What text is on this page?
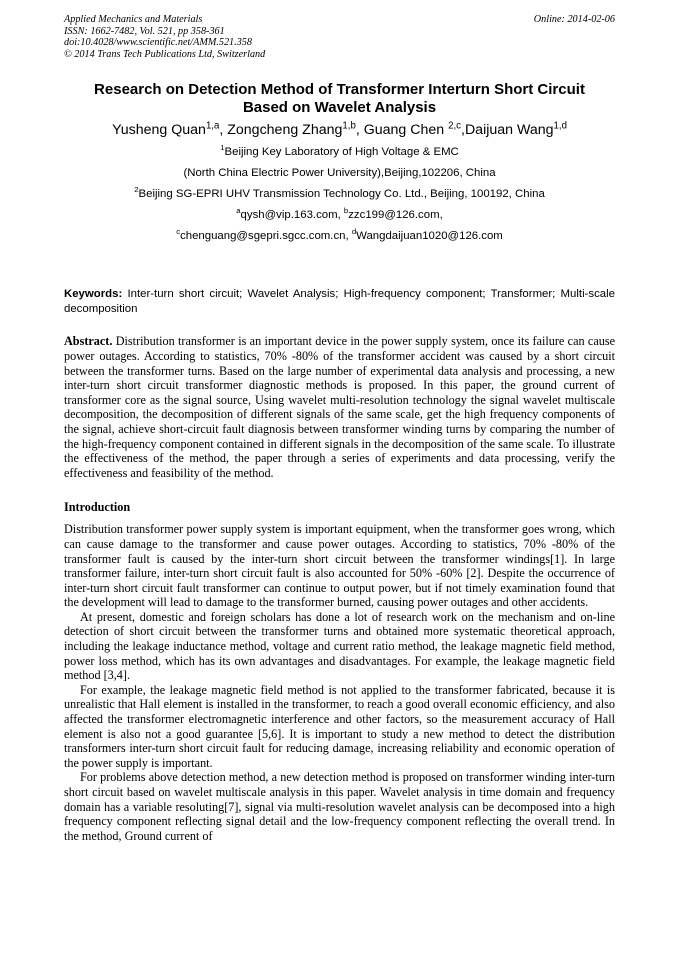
Applied Mechanics and Materials
ISSN: 1662-7482, Vol. 521, pp 358-361
doi:10.4028/www.scientific.net/AMM.521.358
© 2014 Trans Tech Publications Ltd, Switzerland
Online: 2014-02-06
Research on Detection Method of Transformer Interturn Short Circuit
Based on Wavelet Analysis
Yusheng Quan$^{1,a}$, Zongcheng Zhang$^{1,b}$, Guang Chen $^{2,c}$,Daijuan Wang$^{1,d}$
$^1$Beijing Key Laboratory of High Voltage & EMC
(North China Electric Power University),Beijing,102206, China
$^2$Beijing SG-EPRI UHV Transmission Technology Co. Ltd., Beijing, 100192, China
$^a$qysh@vip.163.com, $^b$zzc199@126.com,
$^c$chenguang@sgepri.sgcc.com.cn, $^d$Wangdaijuan1020@126.com
Keywords: Inter-turn short circuit; Wavelet Analysis; High-frequency component; Transformer; Multi-scale decomposition
Abstract. Distribution transformer is an important device in the power supply system, once its failure can cause power outages. According to statistics, 70% -80% of the transformer accident was caused by a short circuit between the transformer turns. Based on the large number of experimental data analysis and processing, a new inter-turn short circuit transformer diagnostic methods is proposed. In this paper, the ground current of transformer core as the signal source, Using wavelet multi-resolution technology the signal wavelet multiscale decomposition, the decomposition of different signals of the same scale, get the high frequency components of the signal, achieve short-circuit fault diagnosis between transformer winding turns by comparing the number of the high-frequency component contained in different signals in the decomposition of the same scale. To illustrate the effectiveness of the method, the paper through a series of experiments and data processing, verify the effectiveness and feasibility of the method.
Introduction

Distribution transformer power supply system is important equipment, when the transformer goes wrong, which can cause damage to the transformer and cause power outages. According to statistics, 70% -80% of the transformer fault is caused by the inter-turn short circuit between the transformer windings[1]. In large transformer failure, inter-turn short circuit fault is also accounted for 50% -60% [2]. Despite the occurrence of inter-turn short circuit fault transformer can continue to output power, but if not timely examination found that the development will lead to damage to the transformer burned, causing power outages and other accidents.

At present, domestic and foreign scholars has done a lot of research work on the mechanism and on-line detection of short circuit between the transformer turns and obtained more systematic theoretical approach, including the leakage inductance method, voltage and current ratio method, the leakage magnetic field method, power loss method, which has its own advantages and disadvantages. For example, the leakage magnetic field method [3,4].

For example, the leakage magnetic field method is not applied to the transformer fabricated, because it is unrealistic that Hall element is installed in the transformer, to reach a good overall economic efficiency, and also affected the transformer electromagnetic interference and other factors, so the measurement accuracy of Hall element is also not a good guarantee [5,6]. It is important to study a new method to detect the distribution transformers inter-turn short circuit fault for reducing damage, increasing reliability and economic operation of the power supply is important.

For problems above detection method, a new detection method is proposed on transformer winding inter-turn short circuit based on wavelet multiscale analysis in this paper. Wavelet analysis in time domain and frequency domain has a variable resoluting[7], signal via multi-resolution wavelet analysis can be decomposed into a high frequency component reflecting signal detail and the low-frequency component reflecting the overall trend. In the method, Ground current of
